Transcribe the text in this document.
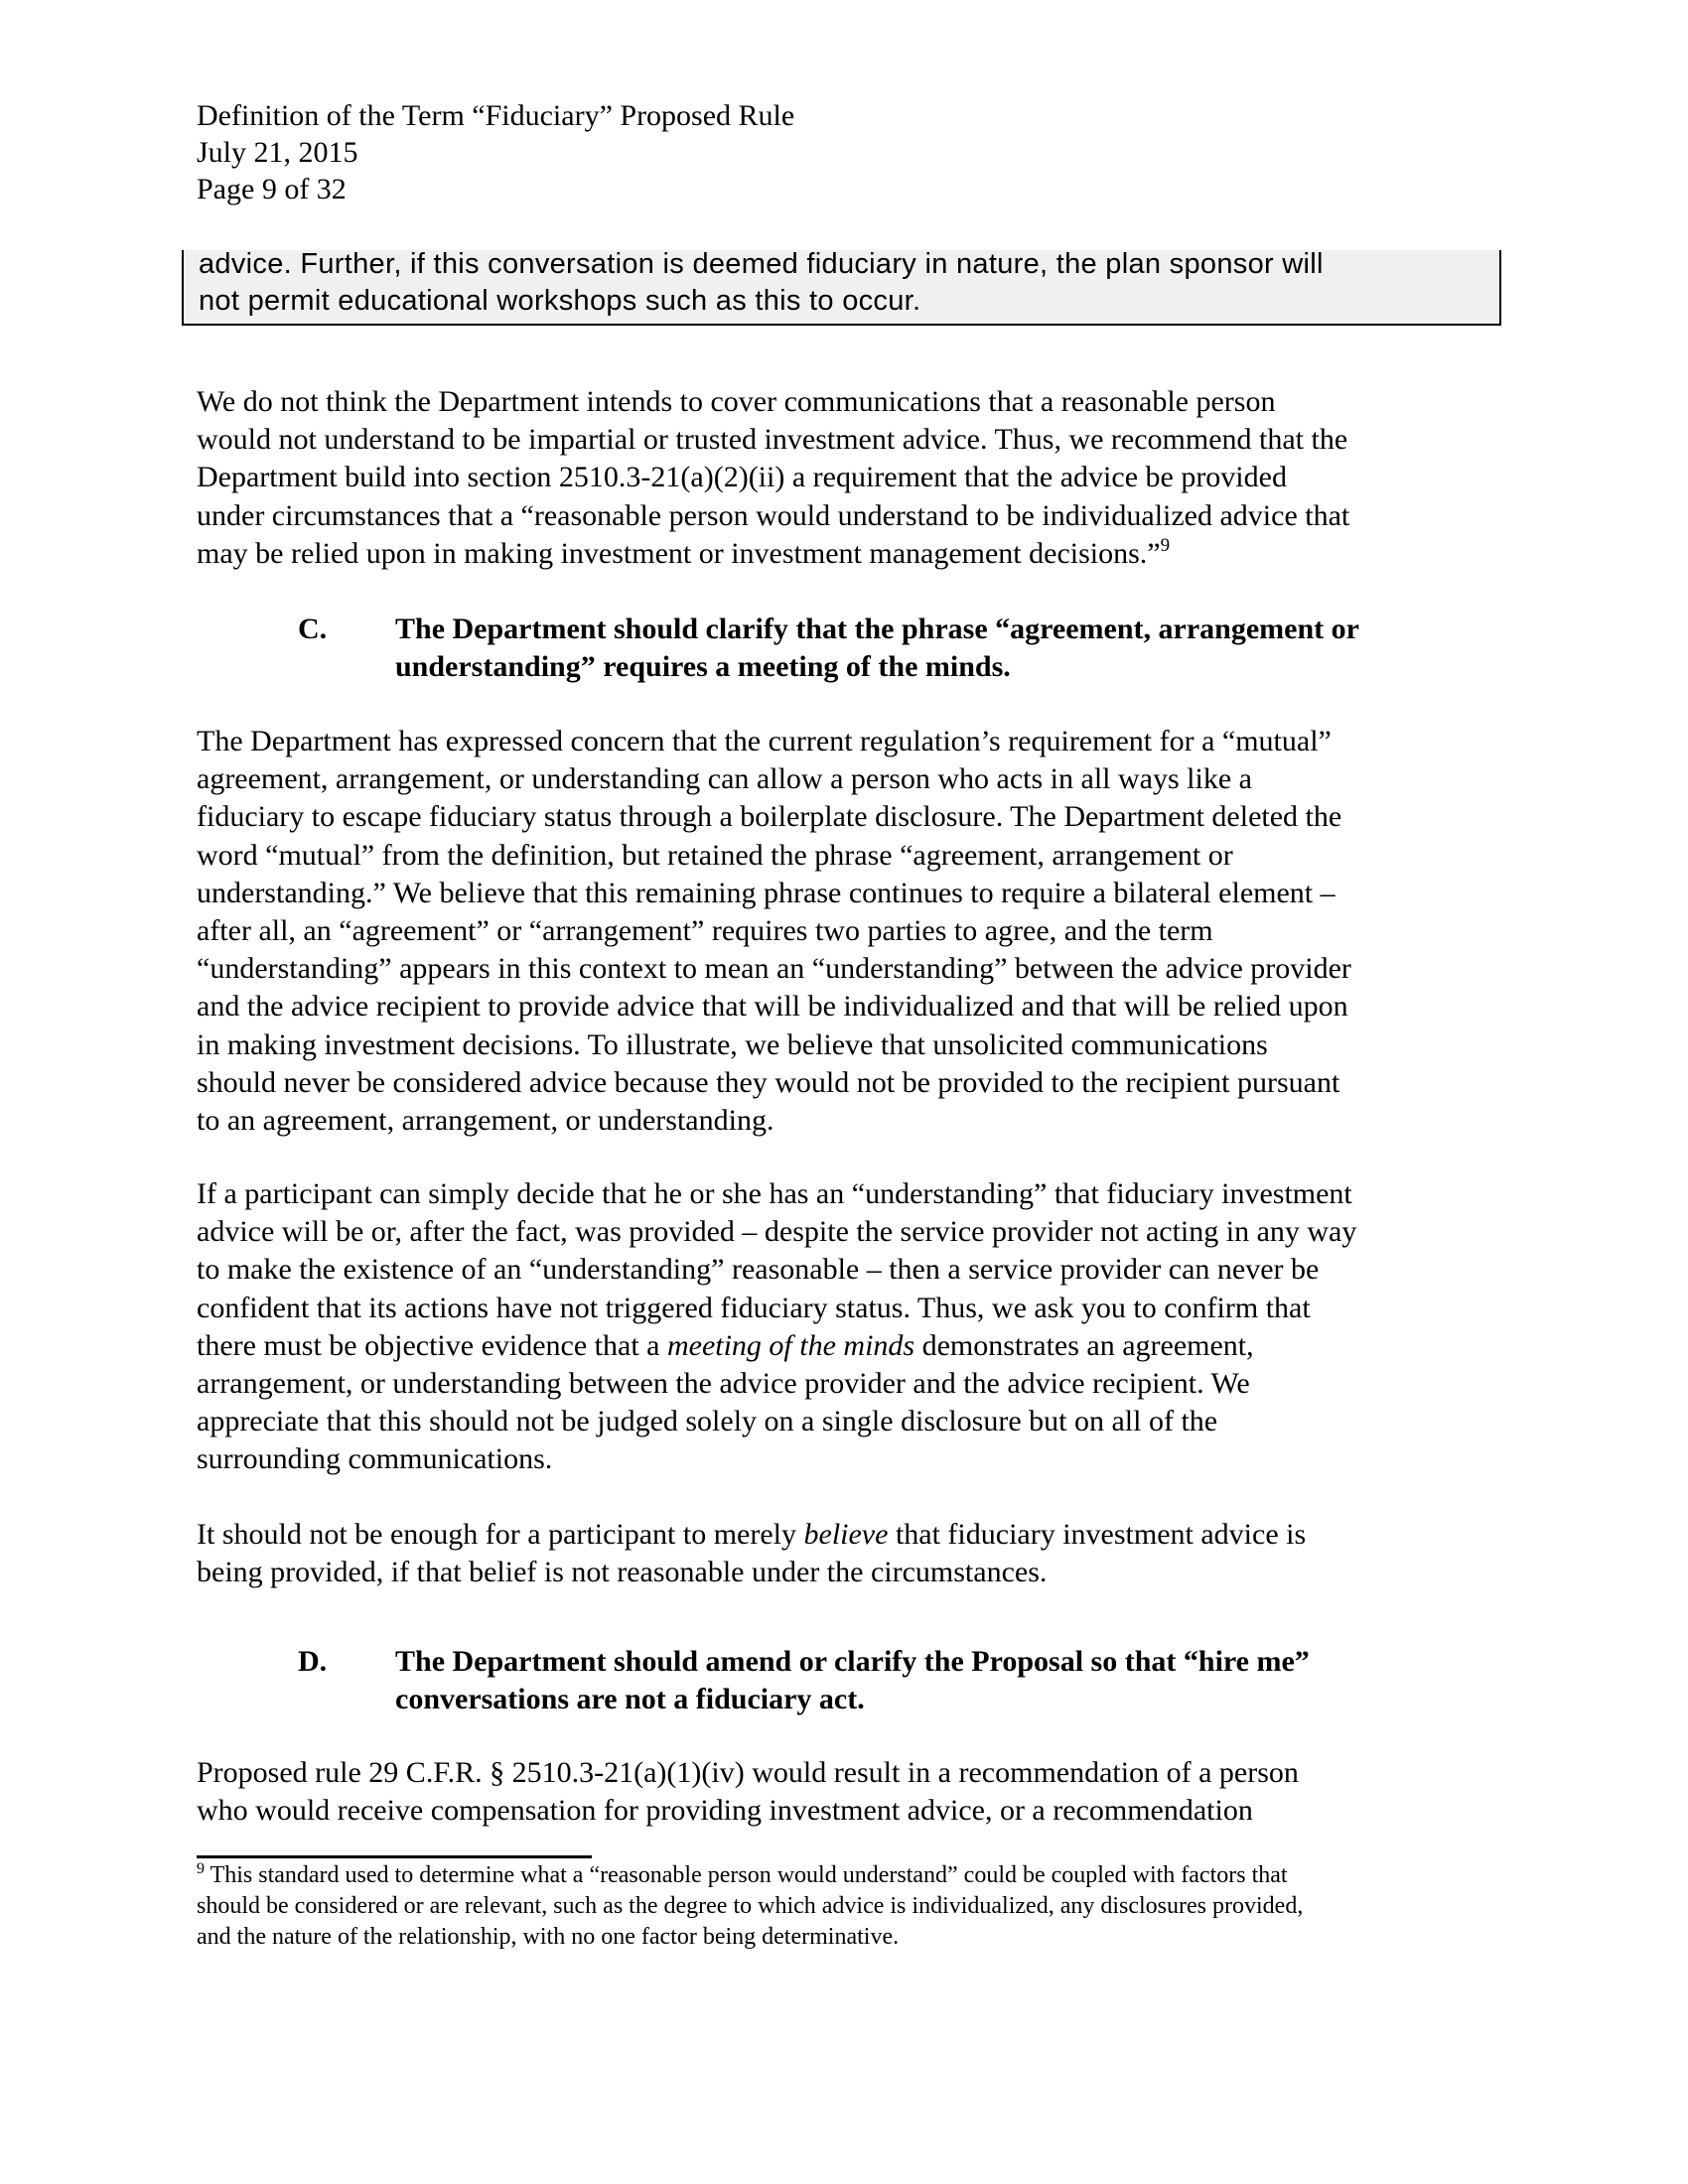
Definition of the Term “Fiduciary” Proposed Rule
July 21, 2015
Page 9 of 32

advice. Further, if this conversation is deemed fiduciary in nature, the plan sponsor will

not permit educational workshops such as this to occur.

We do not think the Department intends to cover communications that a reasonable person
would not understand to be impartial or trusted investment advice. Thus, we recommend that the
Department build into section 2510.3-21(a)(2)(ii) a requirement that the advice be provided
under circumstances that a “reasonable person would understand to be individualized advice that
may be relied upon in making investment or investment management decisions.”$^9$
C. The Department should clarify that the phrase “agreement, arrangement or
understanding” requires a meeting of the minds.
The Department has expressed concern that the current regulation’s requirement for a “mutual”
agreement, arrangement, or understanding can allow a person who acts in all ways like a
fiduciary to escape fiduciary status through a boilerplate disclosure. The Department deleted the
word “mutual” from the definition, but retained the phrase “agreement, arrangement or
understanding.” We believe that this remaining phrase continues to require a bilateral element –
after all, an “agreement” or “arrangement” requires two parties to agree, and the term
“understanding” appears in this context to mean an “understanding” between the advice provider
and the advice recipient to provide advice that will be individualized and that will be relied upon
in making investment decisions. To illustrate, we believe that unsolicited communications
should never be considered advice because they would not be provided to the recipient pursuant
to an agreement, arrangement, or understanding.
If a participant can simply decide that he or she has an “understanding” that fiduciary investment
advice will be or, after the fact, was provided – despite the service provider not acting in any way
to make the existence of an “understanding” reasonable – then a service provider can never be
confident that its actions have not triggered fiduciary status. Thus, we ask you to confirm that
there must be objective evidence that a meeting of the minds demonstrates an agreement,
arrangement, or understanding between the advice provider and the advice recipient. We
appreciate that this should not be judged solely on a single disclosure but on all of the
surrounding communications.
It should not be enough for a participant to merely believe that fiduciary investment advice is
being provided, if that belief is not reasonable under the circumstances.
D. The Department should amend or clarify the Proposal so that “hire me”
conversations are not a fiduciary act.
Proposed rule 29 C.F.R. § 2510.3-21(a)(1)(iv) would result in a recommendation of a person
who would receive compensation for providing investment advice, or a recommendation
$^9$ This standard used to determine what a “reasonable person would understand” could be coupled with factors that
should be considered or are relevant, such as the degree to which advice is individualized, any disclosures provided,
and the nature of the relationship, with no one factor being determinative.
